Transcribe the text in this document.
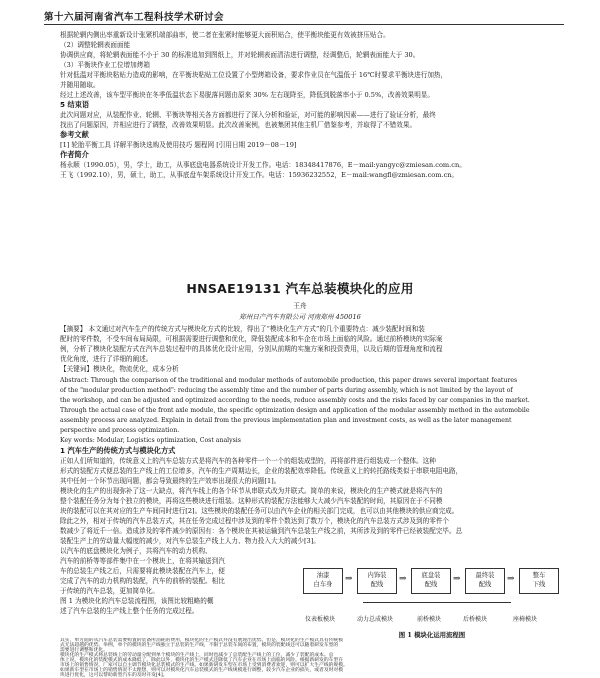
第十六届河南省汽车工程科技学术研讨会
根据轮辋内侧出率重新设计张紧机端部曲率，使二者在张紧时能够更大面积贴合，使平衡块能更有效被挤压贴合。
（2）调整轮辋表面面能
协调供应商，将轮辋表面能不小于 30 的标准追加到图纸上，并对轮辋表面清洁进行调整，经调整后，轮辋表面能大于 30。
（3）平衡块作业工位增加烤箱
针对低温对平衡块粘贴力造成的影响，在平衡块粘贴工位设置了小型烤箱设备，要求作业员在气温低于 16℃时要求平衡块进行加热，
并随用随取。
经过上述改善，该车型平衡块在冬季低温状态下易脱落问题由原来 30% 左右现降至，降低到脱落率小于 0.5%，改善效果明显。
5 结束语
此次问题对应，从装配作业、轮辋、平衡块等相关各方面都进行了深入分析和验证，对可能的影响因素——进行了验证分析，最终
找出了问题原因，并相应进行了调整，改善效果明显。此次改善案例，也被集团其他主机厂借鉴参考，并取得了不错效果。
参考文献
[1] 轮胎平衡工具 详解平衡块选购及使用技巧 题程网 [引用日期 2019－08－19]
作者简介
杨永顺（1990.05），男，学士，助工，从事底盘电器系统设计开发工作。电话：18348417876，E－mail:yangyc@zmiesan.com.cn。
王飞（1992.10），男，硕士，助工，从事底盘车架系统设计开发工作。电话：15936232552，E－mail:wangfl@zmiesan.com.cn。
HNSAE19131 汽车总装模块化的应用
王舟
郑州日产汽车有限公司 河南郑州 450016
【摘要】 本文通过对汽车生产的传统方式与模块化方式的比较，得出了“模块化生产方式”的几个重要特点：减少装配时间和装
配时的零件数，不受车间布局局限，可根据需要进行调整和优化，降低装配成本和车企在市场上面临的风险。通过前桥模块的实际案
例，分析了模块化装配方式在汽车总装过程中的具体优化设计应用，分别从前期的实施方案和投资费用，以及后期的管理角度和流程
优化角度，进行了详细的阐述。
【关键词】模块化，物流优化，成本分析
Abstract: Through the comparison of the traditional and modular methods of automobile production, this paper draws several important features
of the "modular production method": reducing the assembly time and the number of parts during assembly, which is not limited by the layout of
the workshop, and can be adjusted and optimized according to the needs, reduce assembly costs and the risks faced by car companies in the market.
Through the actual case of the front axle module, the specific optimization design and application of the modular assembly method in the automobile
assembly process are analyzed. Explain in detail from the previous implementation plan and investment costs, as well as the later management
perspective and process optimization.
Key words: Modular, Logistics optimization, Cost analysis
1 汽车生产的传统方式与模块化方式
正如人们所知道的，传统意义上的汽车总装方式是将汽车的各种零件一个一个的组装成型的，再将部件进行组装成一个整体。这种
形式的装配方式便总装的生产线上的工位增多，汽车的生产周期边长，企业的装配效率降低。传统意义上的转托路线类似于串联电阻电路，
其中任何一个环节出现问题，都会导致最终的生产效率出现很大的问题[1]。
模块化的生产的出现弥补了这一大缺点，将汽车线上的各个环节从串联式改为并联式。简单的来说，模块化的生产模式就是将汽车的
整个装配任务分为每个独立的模块，再将这些模块进行组装。这种形式的装配方法能够大大减少汽车装配的时间，其原因在于不同模
块的装配可以在其对应的生产车间同时进行[2]。这些模块的装配任务可以由汽车企业的相关部门完成，也可以由其他模块的供应商完成。
除此之外，相对于传统的汽车总装方式，其在任务完成过程中涉及到的零件个数达到了数万个，模块化的汽车总装方式涉及到的零件个
数减少了将近千一倍。造成涉及的零件减少的原因有：各个模块在其被运输到汽车总装生产线之前，其所涉及到的零件已经被装配完毕。总
装配生产上的劳动量大幅度的减少，对汽车总装生产线上人力、物力投入大大的减少[3]。
以汽车的底盘模块化为例子，共将汽车的动力机构、
汽车的前桥等等部件集中在一个模块上，在将其输送到汽
车的总装生产线之后，只需要将此模块装配在汽车上，便
完成了汽车的动力机构的装配，汽车的前桥的装配。相比
于传统的汽车总装，更加简单化。
图 1 为模块化的汽车总装流程图，该图比较粗略的概
述了汽车总装的生产线上整个任务的完成过程。
油漆
白车身
⇒	内饰装
配线
⇒	底盘装
配线
⇒	最终装
配线
⇒	整车
下线
仪表板模块	动力总成模块	前桥模块	后桥模块	座椅模块
图 1 模块化运用流程图
其实，单方面的从汽车总装需要购置的装备所消耗的费用，模块化的生产模式并没有展现出优势。但是，模块化的生产模式具有传统模
式无法超越的优势。举例，单个的模块的生产线独立于总装的生产线，不限于总装车间的布置，模块的装配线还可以随着研发车型的
需要进行调整和优化。
模块化的生产模式将总装线上的劳动量分配到单个模块的生产线上，同时也减少了总装配生产线上的工位，减少了装配的成本。总
体上说，模块化的装配模式的成本降低了。除此以外，模块化的生产模式还降低了汽车企业在市场上面临的风险。根据新研发的车型在
市场上的销售情况，厂家可以自主调节模块化总装模式的生产线。如果新研发车型在市场上受到消费者欢迎，则可以扩大生产线的规模。
如果新车型在市场上的销售情况不太理想，则可以对模块化汽车总装模式的生产线规模进行调整，较少汽车企业的损失，或者及时对模
块进行优化，这可以帮助新型汽车的及时开发[4]。
